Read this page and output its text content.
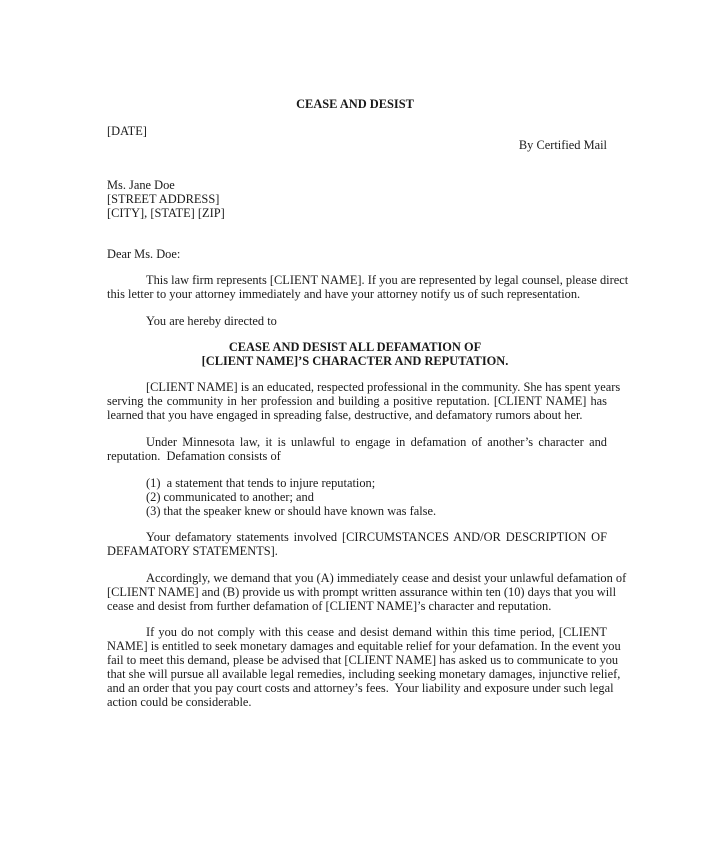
CEASE AND DESIST
[DATE]
By Certified Mail
Ms. Jane Doe
[STREET ADDRESS]
[CITY], [STATE] [ZIP]
Dear Ms. Doe:
This law firm represents [CLIENT NAME]. If you are represented by legal counsel, please direct
this letter to your attorney immediately and have your attorney notify us of such representation.
You are hereby directed to
CEASE AND DESIST ALL DEFAMATION OF
[CLIENT NAME]’S CHARACTER AND REPUTATION.
[CLIENT NAME] is an educated, respected professional in the community. She has spent years
serving the community in her profession and building a positive reputation. [CLIENT NAME] has
learned that you have engaged in spreading false, destructive, and defamatory rumors about her.
Under Minnesota law, it is unlawful to engage in defamation of another’s character and
reputation.  Defamation consists of
(1)  a statement that tends to injure reputation;
(2) communicated to another; and
(3) that the speaker knew or should have known was false.
Your defamatory statements involved [CIRCUMSTANCES AND/OR DESCRIPTION OF
DEFAMATORY STATEMENTS].
Accordingly, we demand that you (A) immediately cease and desist your unlawful defamation of
[CLIENT NAME] and (B) provide us with prompt written assurance within ten (10) days that you will
cease and desist from further defamation of [CLIENT NAME]’s character and reputation.
If you do not comply with this cease and desist demand within this time period, [CLIENT
NAME] is entitled to seek monetary damages and equitable relief for your defamation. In the event you
fail to meet this demand, please be advised that [CLIENT NAME] has asked us to communicate to you
that she will pursue all available legal remedies, including seeking monetary damages, injunctive relief,
and an order that you pay court costs and attorney’s fees.  Your liability and exposure under such legal
action could be considerable.
